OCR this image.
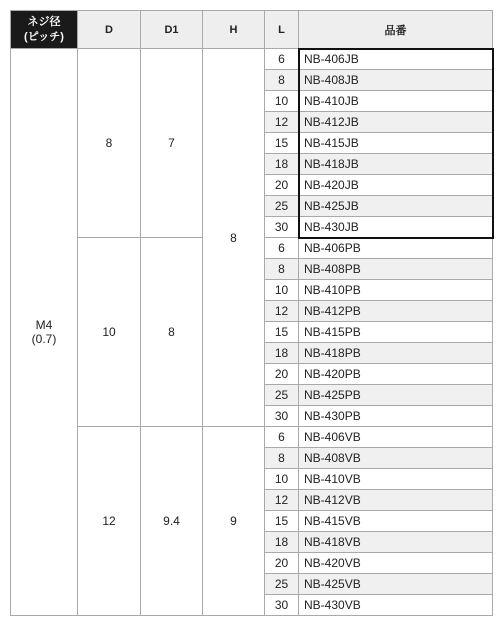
ネジ径
(ピッチ)	D	D1	H	L	品番
M4
(0.7)	8	7	8	6	NB-406JB
				8	NB-408JB
				10	NB-410JB
				12	NB-412JB
				15	NB-415JB
				18	NB-418JB
				20	NB-420JB
				25	NB-425JB
				30	NB-430JB
	10	8		6	NB-406PB
				8	NB-408PB
				10	NB-410PB
				12	NB-412PB
				15	NB-415PB
				18	NB-418PB
				20	NB-420PB
				25	NB-425PB
				30	NB-430PB
	12	9.4	9	6	NB-406VB
				8	NB-408VB
				10	NB-410VB
				12	NB-412VB
				15	NB-415VB
				18	NB-418VB
				20	NB-420VB
				25	NB-425VB
				30	NB-430VB
